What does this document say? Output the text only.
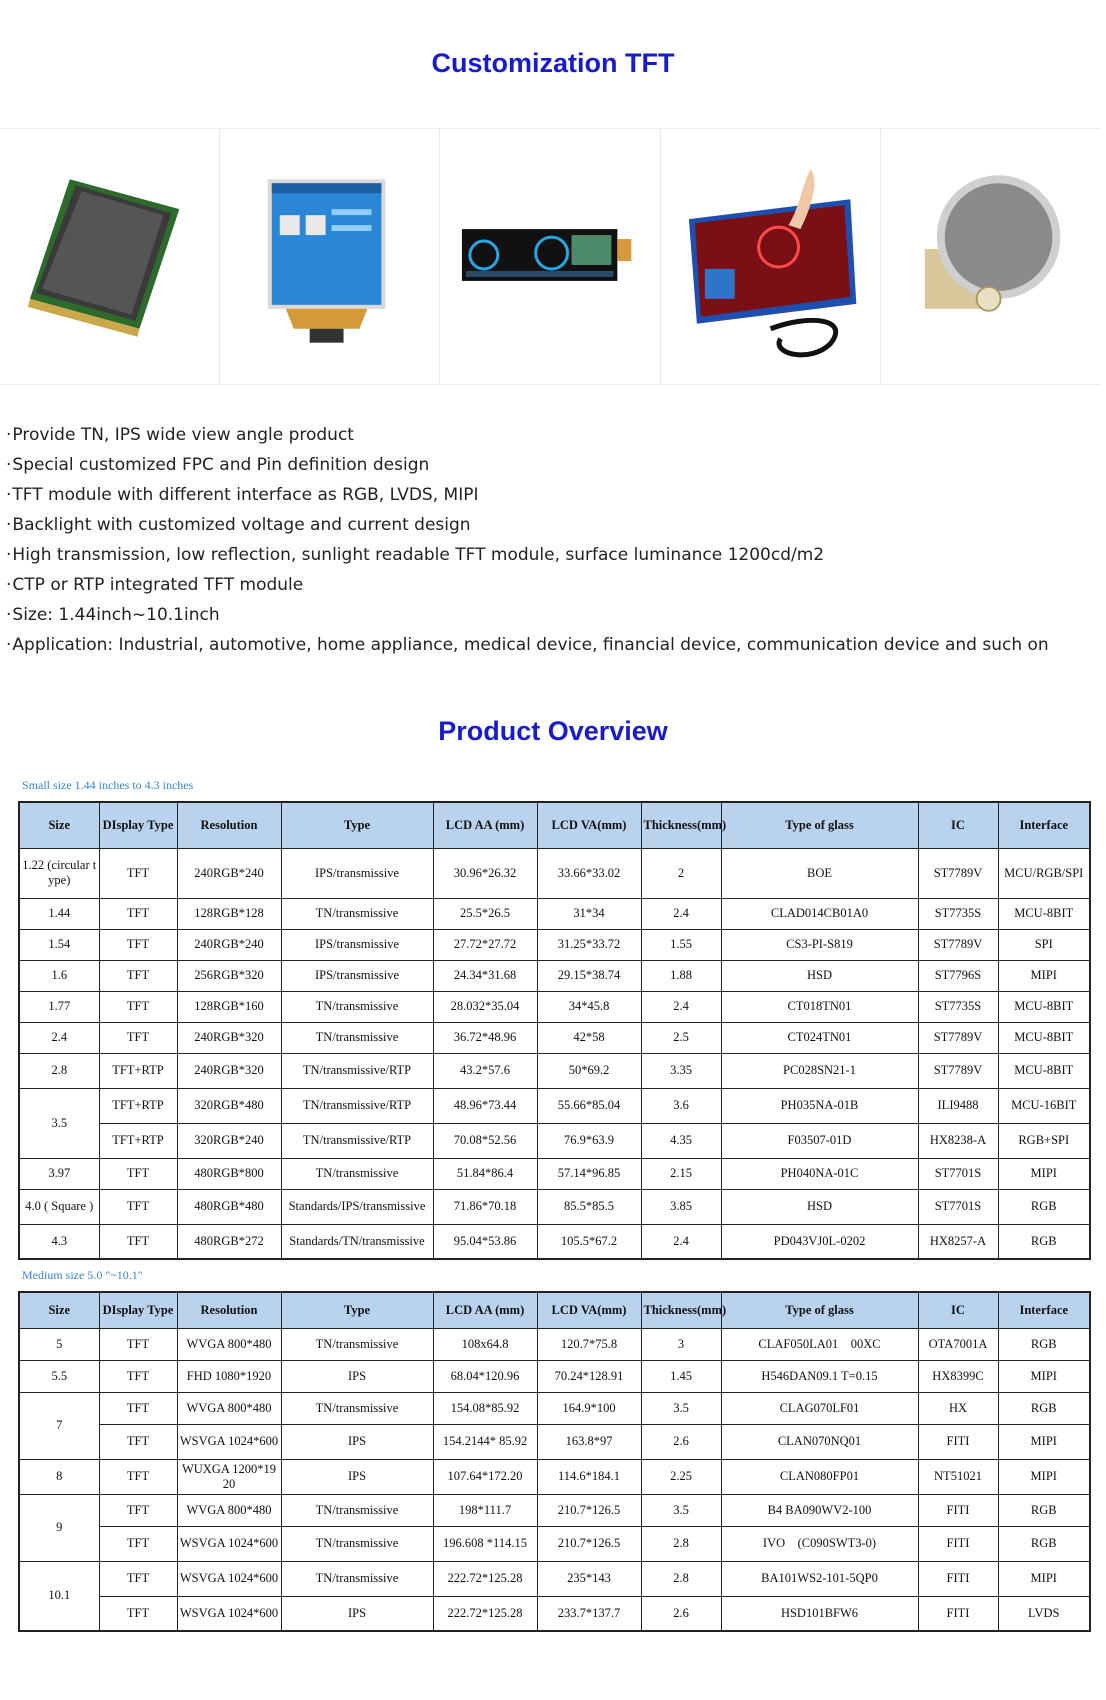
Customization TFT
· Provide TN, IPS wide view angle product
· Special customized FPC and Pin definition design
· TFT module with different interface as RGB, LVDS, MIPI
· Backlight with customized voltage and current design
· High transmission, low reflection, sunlight readable TFT module, surface luminance 1200cd/m2
· CTP or RTP integrated TFT module
· Size: 1.44inch~10.1inch
· Application: Industrial, automotive, home appliance, medical device, financial device, communication device and such on
Product Overview
Small size 1.44 inches to 4.3 inches
Size	DIsplay Type	Resolution	Type	LCD AA (mm)	LCD VA(mm)	Thickness(mm)	Type of glass	IC	Interface
1.22 (circular type)	TFT	240RGB*240	IPS/transmissive	30.96*26.32	33.66*33.02	2	BOE	ST7789V	MCU/RGB/SPI
1.44	TFT	128RGB*128	TN/transmissive	25.5*26.5	31*34	2.4	CLAD014CB01A0	ST7735S	MCU-8BIT
1.54	TFT	240RGB*240	IPS/transmissive	27.72*27.72	31.25*33.72	1.55	CS3-PI-S819	ST7789V	SPI
1.6	TFT	256RGB*320	IPS/transmissive	24.34*31.68	29.15*38.74	1.88	HSD	ST7796S	MIPI
1.77	TFT	128RGB*160	TN/transmissive	28.032*35.04	34*45.8	2.4	CT018TN01	ST7735S	MCU-8BIT
2.4	TFT	240RGB*320	TN/transmissive	36.72*48.96	42*58	2.5	CT024TN01	ST7789V	MCU-8BIT
2.8	TFT+RTP	240RGB*320	TN/transmissive/RTP	43.2*57.6	50*69.2	3.35	PC028SN21-1	ST7789V	MCU-8BIT
3.5	TFT+RTP	320RGB*480	TN/transmissive/RTP	48.96*73.44	55.66*85.04	3.6	PH035NA-01B	ILI9488	MCU-16BIT
	TFT+RTP	320RGB*240	TN/transmissive/RTP	70.08*52.56	76.9*63.9	4.35	F03507-01D	HX8238-A	RGB+SPI
3.97	TFT	480RGB*800	TN/transmissive	51.84*86.4	57.14*96.85	2.15	PH040NA-01C	ST7701S	MIPI
4.0 ( Square )	TFT	480RGB*480	Standards/IPS/transmissive	71.86*70.18	85.5*85.5	3.85	HSD	ST7701S	RGB
4.3	TFT	480RGB*272	Standards/TN/transmissive	95.04*53.86	105.5*67.2	2.4	PD043VJ0L-0202	HX8257-A	RGB
Medium size 5.0 "~10.1"
Size	DIsplay Type	Resolution	Type	LCD AA (mm)	LCD VA(mm)	Thickness(mm)	Type of glass	IC	Interface
5	TFT	WVGA 800*480	TN/transmissive	108x64.8	120.7*75.8	3	CLAF050LA01　00XC	OTA7001A	RGB
5.5	TFT	FHD 1080*1920	IPS	68.04*120.96	70.24*128.91	1.45	H546DAN09.1 T=0.15	HX8399C	MIPI
7	TFT	WVGA 800*480	TN/transmissive	154.08*85.92	164.9*100	3.5	CLAG070LF01	HX	RGB
	TFT	WSVGA 1024*600	IPS	154.2144* 85.92	163.8*97	2.6	CLAN070NQ01	FITI	MIPI
8	TFT	WUXGA 1200*1920	IPS	107.64*172.20	114.6*184.1	2.25	CLAN080FP01	NT51021	MIPI
9	TFT	WVGA 800*480	TN/transmissive	198*111.7	210.7*126.5	3.5	B4 BA090WV2-100	FITI	RGB
	TFT	WSVGA 1024*600	TN/transmissive	196.608 *114.15	210.7*126.5	2.8	IVO　(C090SWT3-0)	FITI	RGB
10.1	TFT	WSVGA 1024*600	TN/transmissive	222.72*125.28	235*143	2.8	BA101WS2-101-5QP0	FITI	MIPI
	TFT	WSVGA 1024*600	IPS	222.72*125.28	233.7*137.7	2.6	HSD101BFW6	FITI	LVDS
